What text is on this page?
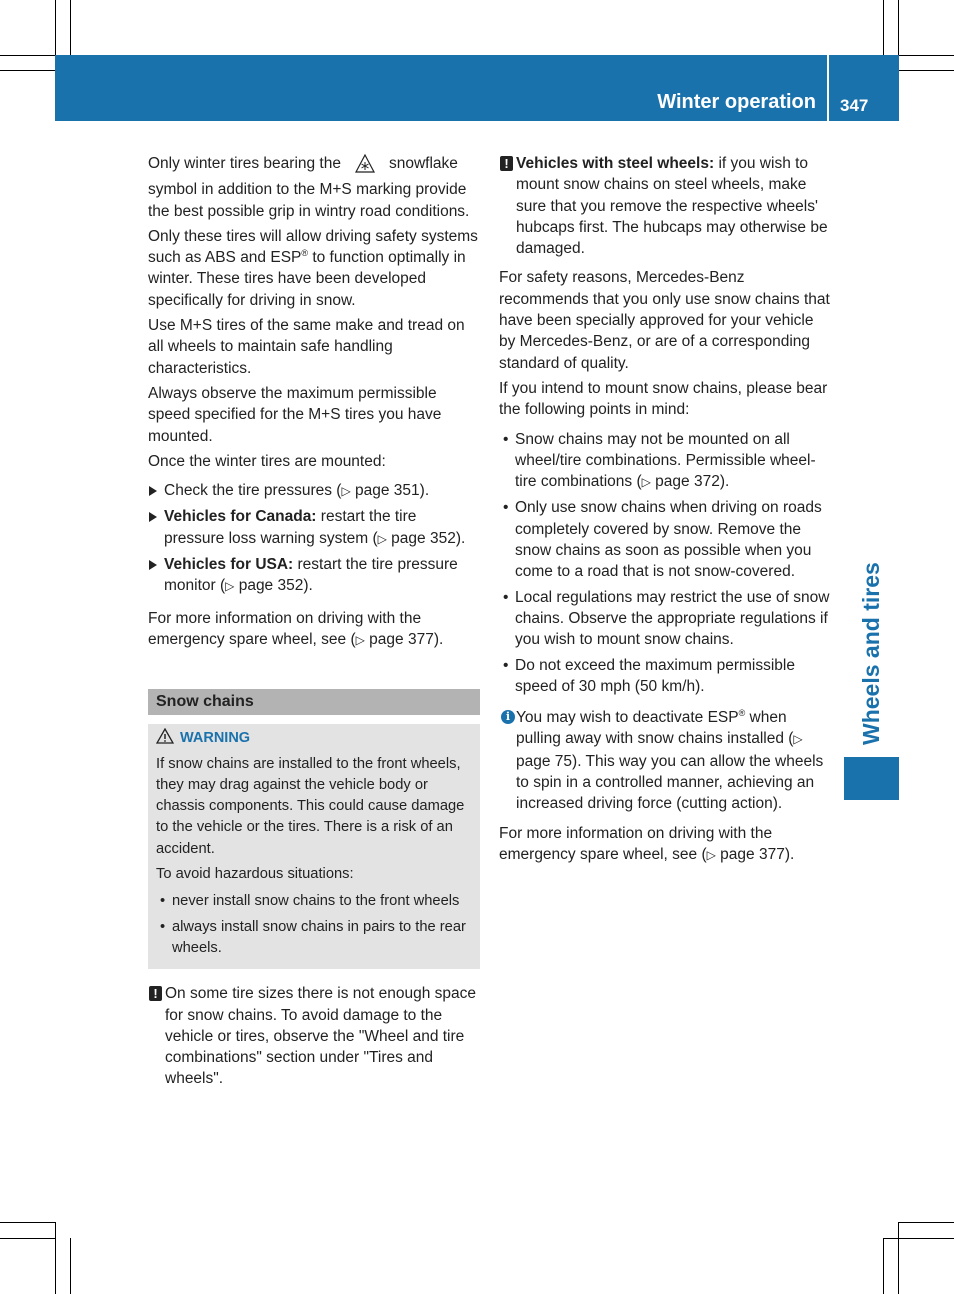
Winter operation 347
Wheels and tires

Only winter tires bearing the	snowflake symbol in addition to the M+S marking provide the best possible grip in wintry road conditions.

Only these tires will allow driving safety systems such as ABS and ESP® to function optimally in winter. These tires have been developed specifically for driving in snow.

Use M+S tires of the same make and tread on all wheels to maintain safe handling characteristics.

Always observe the maximum permissible speed specified for the M+S tires you have mounted.

Once the winter tires are mounted:

Check the tire pressures (▷ page 351).
Vehicles for Canada: restart the tire pressure loss warning system (▷ page 352).
Vehicles for USA: restart the tire pressure monitor (▷ page 352).

For more information on driving with the emergency spare wheel, see (▷ page 377).

Snow chains
WARNING

If snow chains are installed to the front wheels, they may drag against the vehicle body or chassis components. This could cause damage to the vehicle or the tires. There is a risk of an accident.

To avoid hazardous situations:

• never install snow chains to the front wheels
• always install snow chains in pairs to the rear wheels.
! On some tire sizes there is not enough space for snow chains. To avoid damage to the vehicle or tires, observe the "Wheel and tire combinations" section under "Tires and wheels".
! Vehicles with steel wheels: if you wish to mount snow chains on steel wheels, make sure that you remove the respective wheels' hubcaps first. The hubcaps may otherwise be damaged.

For safety reasons, Mercedes-Benz recommends that you only use snow chains that have been specially approved for your vehicle by Mercedes-Benz, or are of a corresponding standard of quality.

If you intend to mount snow chains, please bear the following points in mind:

• Snow chains may not be mounted on all wheel/tire combinations. Permissible wheel-tire combinations (▷ page 372).
• Only use snow chains when driving on roads completely covered by snow. Remove the snow chains as soon as possible when you come to a road that is not snow-covered.
• Local regulations may restrict the use of snow chains. Observe the appropriate regulations if you wish to mount snow chains.
• Do not exceed the maximum permissible speed of 30 mph (50 km/h).
i You may wish to deactivate ESP® when pulling away with snow chains installed (▷ page 75). This way you can allow the wheels to spin in a controlled manner, achieving an increased driving force (cutting action).

For more information on driving with the emergency spare wheel, see (▷ page 377).
